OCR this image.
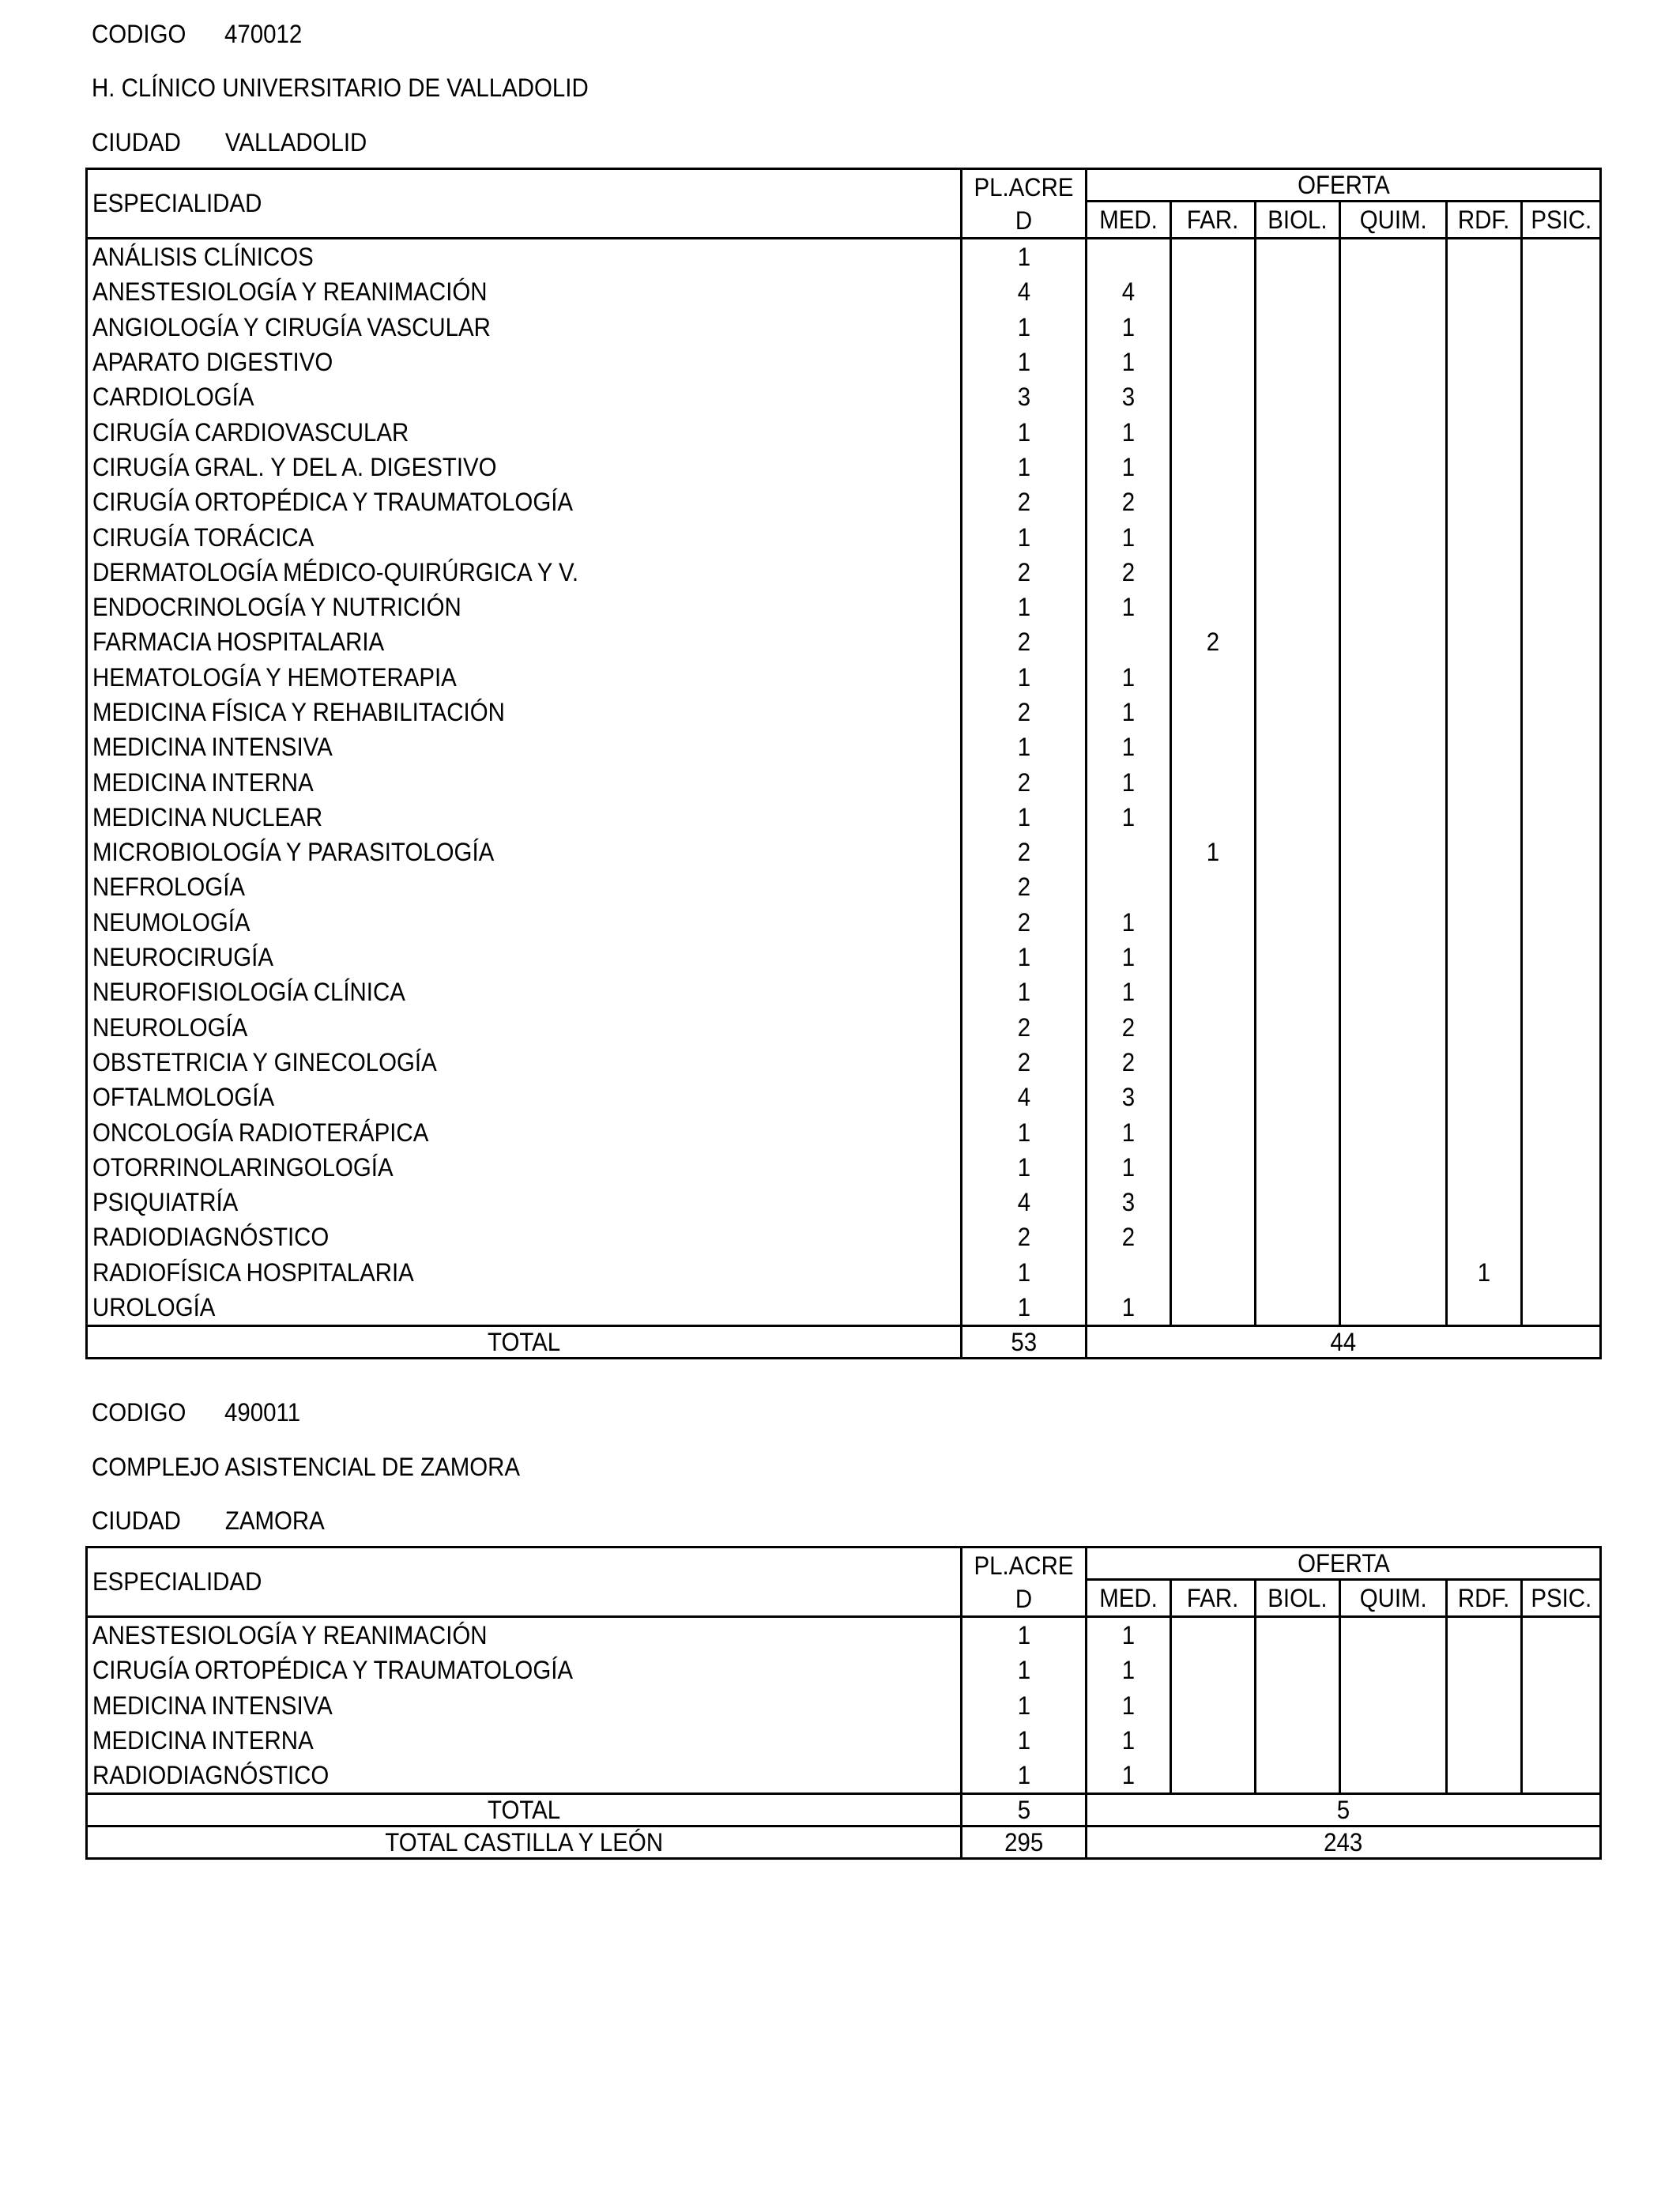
CODIGO 470012
H. CLÍNICO UNIVERSITARIO DE VALLADOLID
CIUDAD VALLADOLID
ESPECIALIDAD	PL.ACRE
D	OFERTA					
		MED.	FAR.	BIOL.	QUIM.	RDF.	PSIC.
ANÁLISIS CLÍNICOS	1						
ANESTESIOLOGÍA Y REANIMACIÓN	4	4					
ANGIOLOGÍA Y CIRUGÍA VASCULAR	1	1					
APARATO DIGESTIVO	1	1					
CARDIOLOGÍA	3	3					
CIRUGÍA CARDIOVASCULAR	1	1					
CIRUGÍA GRAL. Y DEL A. DIGESTIVO	1	1					
CIRUGÍA ORTOPÉDICA Y TRAUMATOLOGÍA	2	2					
CIRUGÍA TORÁCICA	1	1					
DERMATOLOGÍA MÉDICO-QUIRÚRGICA Y V.	2	2					
ENDOCRINOLOGÍA Y NUTRICIÓN	1	1					
FARMACIA HOSPITALARIA	2		2				
HEMATOLOGÍA Y HEMOTERAPIA	1	1					
MEDICINA FÍSICA Y REHABILITACIÓN	2	1					
MEDICINA INTENSIVA	1	1					
MEDICINA INTERNA	2	1					
MEDICINA NUCLEAR	1	1					
MICROBIOLOGÍA Y PARASITOLOGÍA	2		1				
NEFROLOGÍA	2						
NEUMOLOGÍA	2	1					
NEUROCIRUGÍA	1	1					
NEUROFISIOLOGÍA CLÍNICA	1	1					
NEUROLOGÍA	2	2					
OBSTETRICIA Y GINECOLOGÍA	2	2					
OFTALMOLOGÍA	4	3					
ONCOLOGÍA RADIOTERÁPICA	1	1					
OTORRINOLARINGOLOGÍA	1	1					
PSIQUIATRÍA	4	3					
RADIODIAGNÓSTICO	2	2					
RADIOFÍSICA HOSPITALARIA	1					1	
UROLOGÍA	1	1					
TOTAL	53	44					
CODIGO 490011
COMPLEJO ASISTENCIAL DE ZAMORA
CIUDAD ZAMORA
ESPECIALIDAD	PL.ACRE
D	OFERTA					
		MED.	FAR.	BIOL.	QUIM.	RDF.	PSIC.
ANESTESIOLOGÍA Y REANIMACIÓN	1	1					
CIRUGÍA ORTOPÉDICA Y TRAUMATOLOGÍA	1	1					
MEDICINA INTENSIVA	1	1					
MEDICINA INTERNA	1	1					
RADIODIAGNÓSTICO	1	1					
TOTAL	5	5					
TOTAL CASTILLA Y LEÓN	295	243					
